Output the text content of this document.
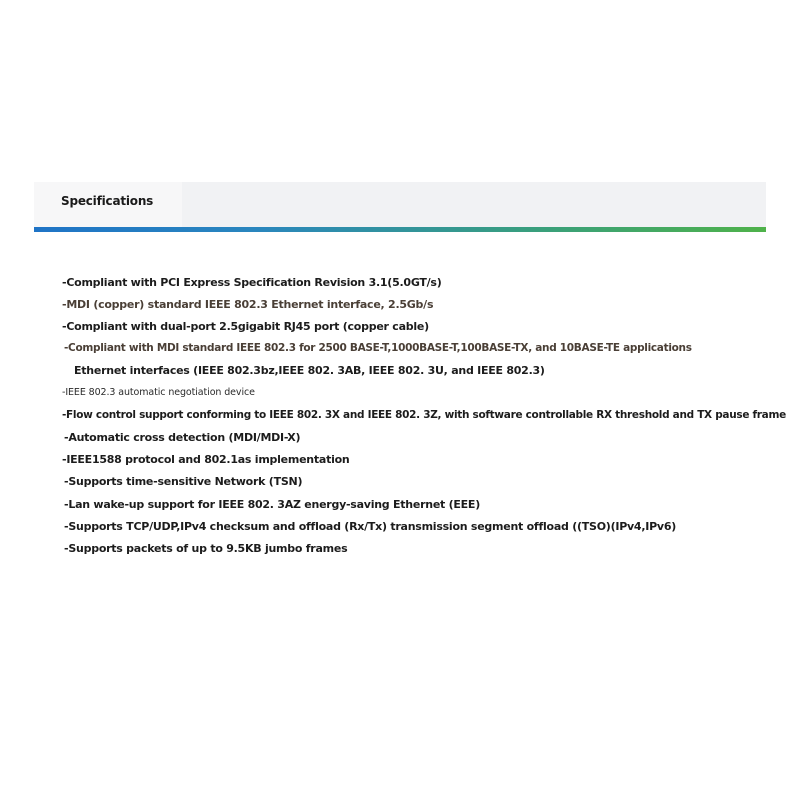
Specifications
-Compliant with PCI Express Specification Revision 3.1(5.0GT/s)
-MDI (copper) standard IEEE 802.3 Ethernet interface, 2.5Gb/s
-Compliant with dual-port 2.5gigabit RJ45 port (copper cable)
-Compliant with MDI standard IEEE 802.3 for 2500 BASE-T,1000BASE-T,100BASE-TX, and 10BASE-TE applications
Ethernet interfaces (IEEE 802.3bz,IEEE 802. 3AB, IEEE 802. 3U, and IEEE 802.3)
-IEEE 802.3 automatic negotiation device
-Flow control support conforming to IEEE 802. 3X and IEEE 802. 3Z, with software controllable RX threshold and TX pause frame
-Automatic cross detection (MDI/MDI-X)
-IEEE1588 protocol and 802.1as implementation
-Supports time-sensitive Network (TSN)
-Lan wake-up support for IEEE 802. 3AZ energy-saving Ethernet (EEE)
-Supports TCP/UDP,IPv4 checksum and offload (Rx/Tx) transmission segment offload ((TSO)(IPv4,IPv6)
-Supports packets of up to 9.5KB jumbo frames
